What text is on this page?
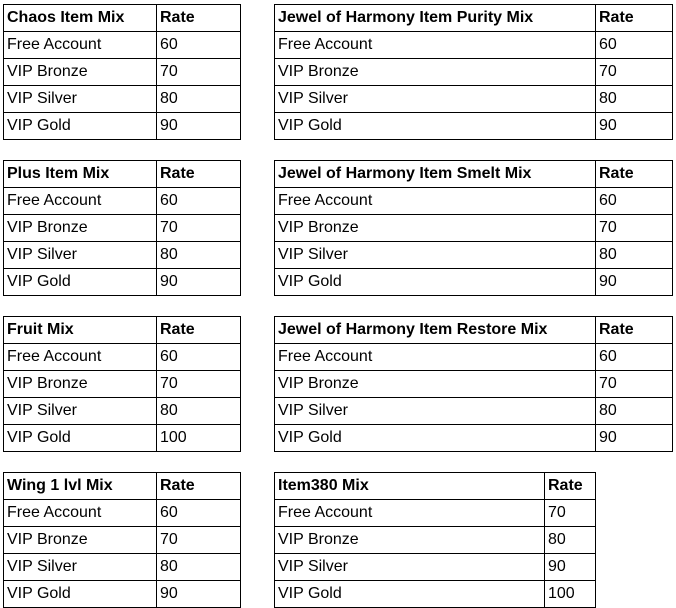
Chaos Item Mix	Rate
Free Account	60
VIP Bronze	70
VIP Silver	80
VIP Gold	90
Jewel of Harmony Item Purity Mix	Rate
Free Account	60
VIP Bronze	70
VIP Silver	80
VIP Gold	90
Plus Item Mix	Rate
Free Account	60
VIP Bronze	70
VIP Silver	80
VIP Gold	90
Jewel of Harmony Item Smelt Mix	Rate
Free Account	60
VIP Bronze	70
VIP Silver	80
VIP Gold	90
Fruit Mix	Rate
Free Account	60
VIP Bronze	70
VIP Silver	80
VIP Gold	100
Jewel of Harmony Item Restore Mix	Rate
Free Account	60
VIP Bronze	70
VIP Silver	80
VIP Gold	90
Wing 1 lvl Mix	Rate
Free Account	60
VIP Bronze	70
VIP Silver	80
VIP Gold	90
Item380 Mix	Rate
Free Account	70
VIP Bronze	80
VIP Silver	90
VIP Gold	100
